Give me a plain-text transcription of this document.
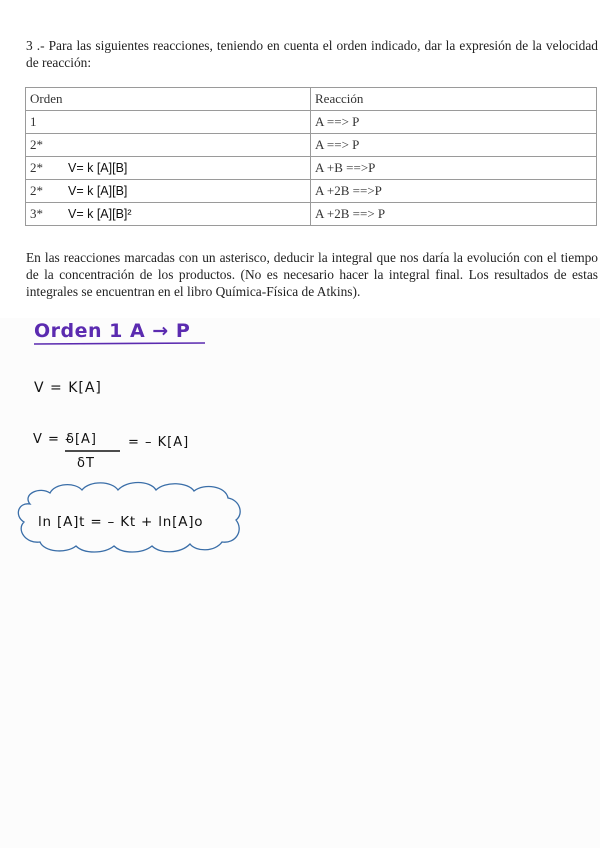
3 .- Para las siguientes reacciones, teniendo en cuenta el orden indicado, dar la expresión de la velocidad de reacción:

Orden	Reacción
1	A ==> P
2*	A ==> P
2* V= k [A][B]	A +B ==>P
2* V= k [A][B]	A +2B ==>P
3* V= k [A][B]²	A +2B ==> P

En las reacciones marcadas con un asterisco, deducir la integral que nos daría la evolución con el tiempo de la concentración de los productos. (No es necesario hacer la integral final. Los resultados de estas integrales se encuentran en el libro Química-Física de Atkins).

Orden 1 A → P
V = K[A]
V = –
δ[A]
δT
= – K[A]
ln [A]t = – Kt + ln[A]o
